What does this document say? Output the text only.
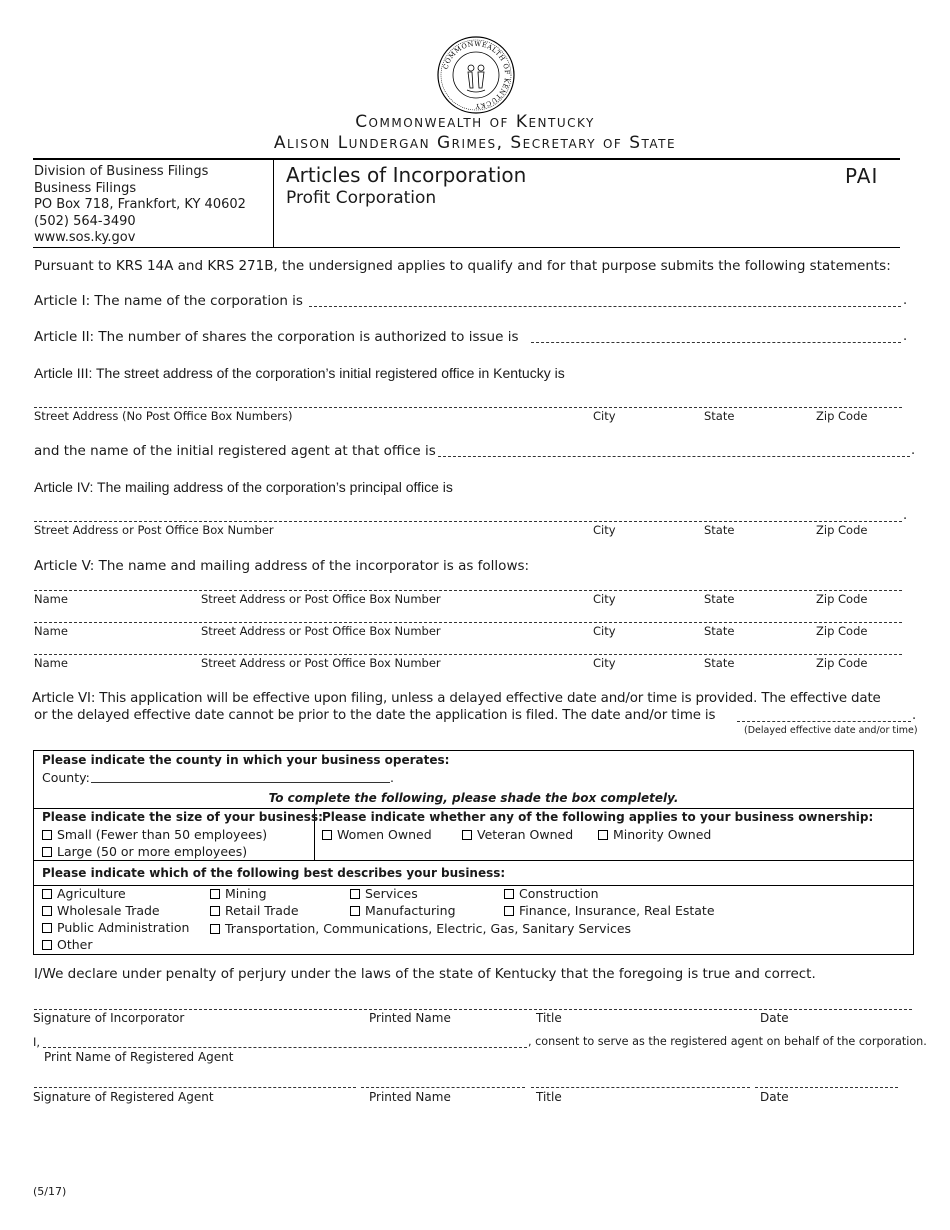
COMMONWEALTH OF KENTUCKY
Commonwealth of Kentucky
Alison Lundergan Grimes, Secretary of State
Division of Business Filings
Business Filings
PO Box 718, Frankfort, KY 40602
(502) 564-3490
www.sos.ky.gov
Articles of Incorporation
Profit Corporation
PAI
Pursuant to KRS 14A and KRS 271B, the undersigned applies to qualify and for that purpose submits the following statements:
Article I: The name of the corporation is	.
Article II: The number of shares the corporation is authorized to issue is	.
Article III: The street address of the corporation’s initial registered office in Kentucky is
Street Address (No Post Office Box Numbers)	City	State	Zip Code
and the name of the initial registered agent at that office is	.
Article IV: The mailing address of the corporation’s principal office is
.
Street Address or Post Office Box Number	City	State	Zip Code
Article V: The name and mailing address of the incorporator is as follows:
Name	Street Address or Post Office Box Number	City	State	Zip Code
Name	Street Address or Post Office Box Number	City	State	Zip Code
Name	Street Address or Post Office Box Number	City	State	Zip Code
Article VI: This application will be effective upon filing, unless a delayed effective date and/or time is provided. The effective date
or the delayed effective date cannot be prior to the date the application is filed. The date and/or time is	.
(Delayed effective date and/or time)
Please indicate the county in which your business operates:
County:	.
To complete the following, please shade the box completely.
Please indicate the size of your business:
Small (Fewer than 50 employees)
Large (50 or more employees)
Please indicate whether any of the following applies to your business ownership:
Women Owned	Veteran Owned	Minority Owned
Please indicate which of the following best describes your business:
Agriculture	Mining	Services	Construction
Wholesale Trade	Retail Trade	Manufacturing	Finance, Insurance, Real Estate
Public Administration	Transportation, Communications, Electric, Gas, Sanitary Services
Other
I/We declare under penalty of perjury under the laws of the state of Kentucky that the foregoing is true and correct.
Signature of Incorporator	Printed Name	Title	Date
I,	, consent to serve as the registered agent on behalf of the corporation.
Print Name of Registered Agent
Signature of Registered Agent	Printed Name	Title	Date
(5/17)
